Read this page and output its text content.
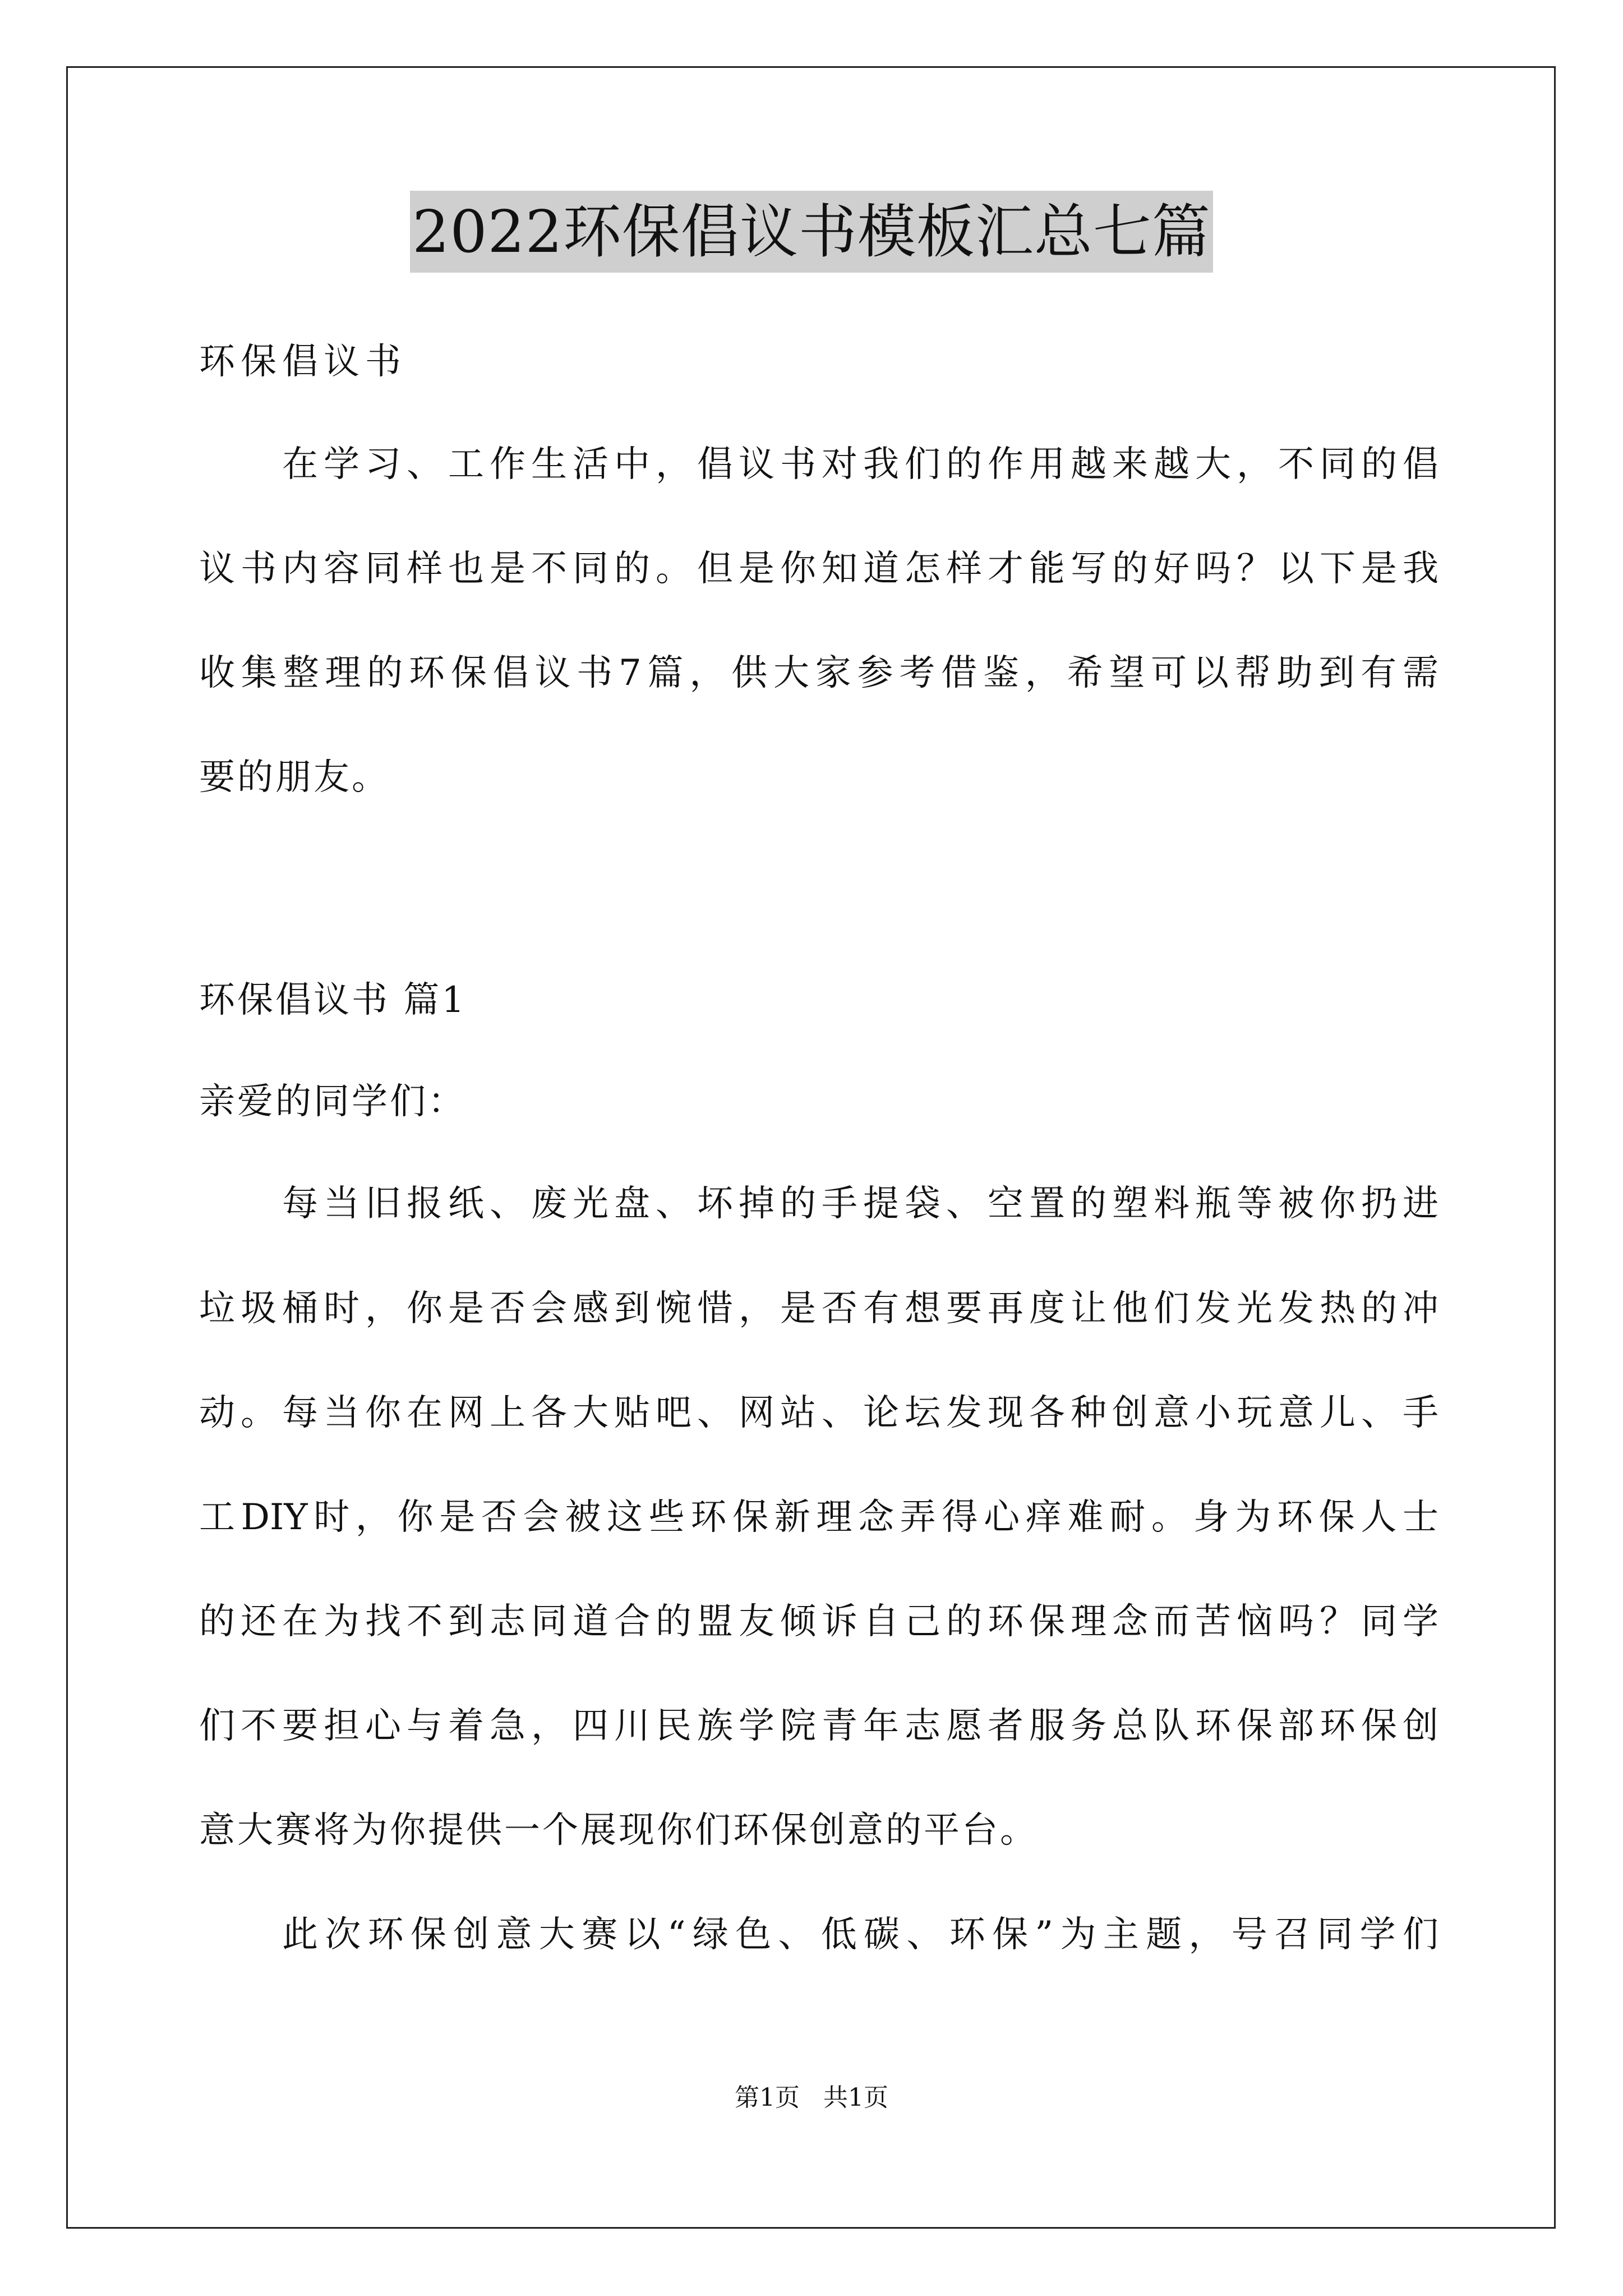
2022环保倡议书模板汇总七篇
环保倡议书
在学习、工作生活中，倡议书对我们的作用越来越大，不同的倡
议书内容同样也是不同的。但是你知道怎样才能写的好吗？以下是我
收集整理的环保倡议书7篇，供大家参考借鉴，希望可以帮助到有需
要的朋友。
环保倡议书 篇1
亲爱的同学们：
每当旧报纸、废光盘、坏掉的手提袋、空置的塑料瓶等被你扔进
垃圾桶时，你是否会感到惋惜，是否有想要再度让他们发光发热的冲
动。每当你在网上各大贴吧、网站、论坛发现各种创意小玩意儿、手
工DIY时，你是否会被这些环保新理念弄得心痒难耐。身为环保人士
的还在为找不到志同道合的盟友倾诉自己的环保理念而苦恼吗？同学
们不要担心与着急，四川民族学院青年志愿者服务总队环保部环保创
意大赛将为你提供一个展现你们环保创意的平台。
此次环保创意大赛以“绿色、低碳、环保”为主题，号召同学们
第1页   共1页
